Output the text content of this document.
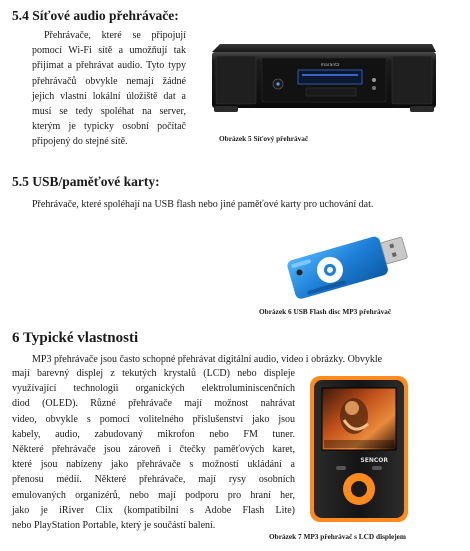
5.4 Síťové audio přehrávače:
Přehrávače, které se připojují
pomocí Wi-Fi sítě a umožňují tak
přijímat a přehrávat audio. Tyto typy
přehrávačů obvykle nemají žádné
jejich vlastní lokální úložiště dat a
musí se tedy spoléhat na server,
kterým je typicky osobní počítač
připojený do stejné sítě.
marantz
Obrázek 5 Síťový přehrávač
5.5 USB/paměťové karty:
Přehrávače, které spoléhají na USB flash nebo jiné paměťové karty pro uchování dat.
Obrázek 6 USB Flash disc MP3 přehrávač
6 Typické vlastnosti
MP3 přehrávače jsou často schopné přehrávat digitální audio, video i obrázky. Obvykle
mají barevný displej z tekutých krystalů (LCD) nebo displeje
využívající technologii organických elektroluminiscenčních
diod (OLED). Různé přehrávače mají možnost nahrávat
video, obvykle s pomocí volitelného příslušenství jako jsou
kabely, audio, zabudovaný mikrofon nebo FM tuner.
Některé přehrávače jsou zároveň i čtečky paměťových karet,
které jsou nabízeny jako přehrávače s možností ukládání a
přenosu médií. Některé přehrávače, mají rysy osobních
emulovaných organizérů, nebo mají podporu pro hraní her,
jako je iRiver Clix (kompatibilní s Adobe Flash Lite)
nebo PlayStation Portable, který je součástí balení.
SENCOR
Obrázek 7 MP3 přehrávač s LCD displejem
